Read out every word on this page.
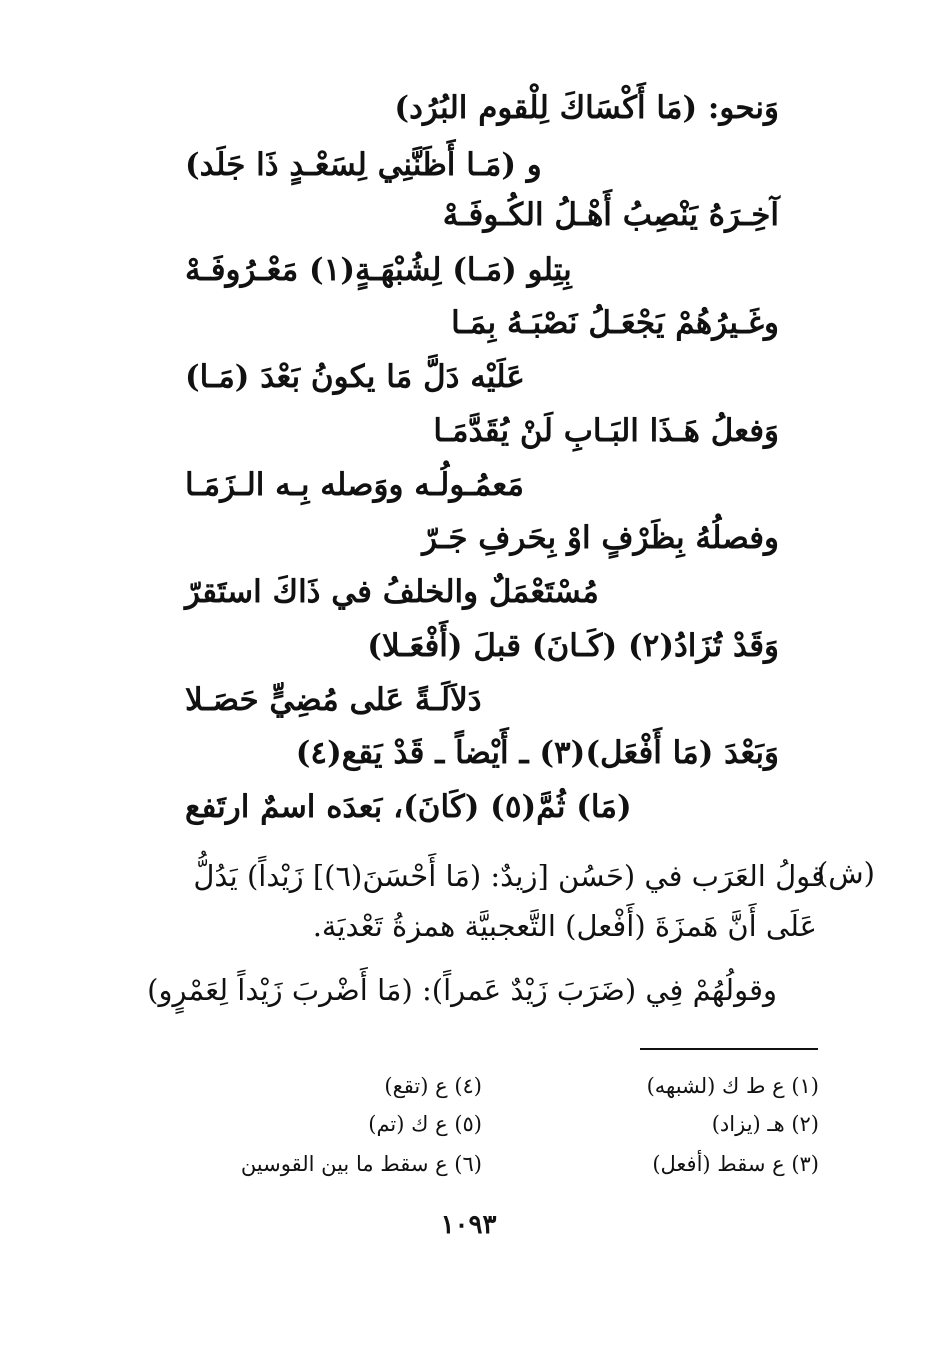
وَنحو: (مَا أَكْسَاكَ لِلْقوم البُرُد)
و (مَـا أَظَنَّنِي لِسَعْـدٍ ذَا جَلَد)
آخِـرَهُ يَنْصِبُ أَهْـلُ الكُـوفَـهْ
بِتِلو (مَـا) لِشُبْهَـةٍ(١) مَعْـرُوفَـهْ
وغَـيرُهُمْ يَجْعَـلُ نَصْبَـهُ بِمَـا
عَلَيْه دَلَّ مَا يكونُ بَعْدَ (مَـا)
وَفعلُ هَـذَا البَـابِ لَنْ يُقَدَّمَـا
مَعمُـولُـه ووَصله بِـه الـزَمَـا
وفصلُهُ بِظَرْفٍ اوْ بِحَرفِ جَـرّ
مُسْتَعْمَلٌ والخلفُ في ذَاكَ استَقرّ
وَقَدْ تُزَادُ(٢) (كَـانَ) قبلَ (أَفْعَـلا)
دَلاَلَـةً عَلى مُضِيٍّ حَصَـلا
وَبَعْدَ (مَا أَفْعَل)(٣) ـ أَيْضاً ـ قَدْ يَقع(٤)
(مَا) ثُمَّ(٥) (كَانَ)، بَعدَه اسمٌ ارتَفع
(ش)
قولُ العَرَب في (حَسُن [زيدٌ: (مَا أَحْسَنَ(٦)] زَيْداً) يَدُلُّ
عَلَى أَنَّ هَمزَةَ (أَفْعل) التَّعجبيَّة همزةُ تَعْديَة.
وقولُهُمْ فِي (ضَرَبَ زَيْدٌ عَمراً): (مَا أَضْربَ زَيْداً لِعَمْرٍو)
(١) ع ط ك (لشبهه)
(٢) هـ (يزاد)
(٣) ع سقط (أفعل)
(٤) ع (تقع)
(٥) ع ك (تم)
(٦) ع سقط ما بين القوسين
١٠٩٣
